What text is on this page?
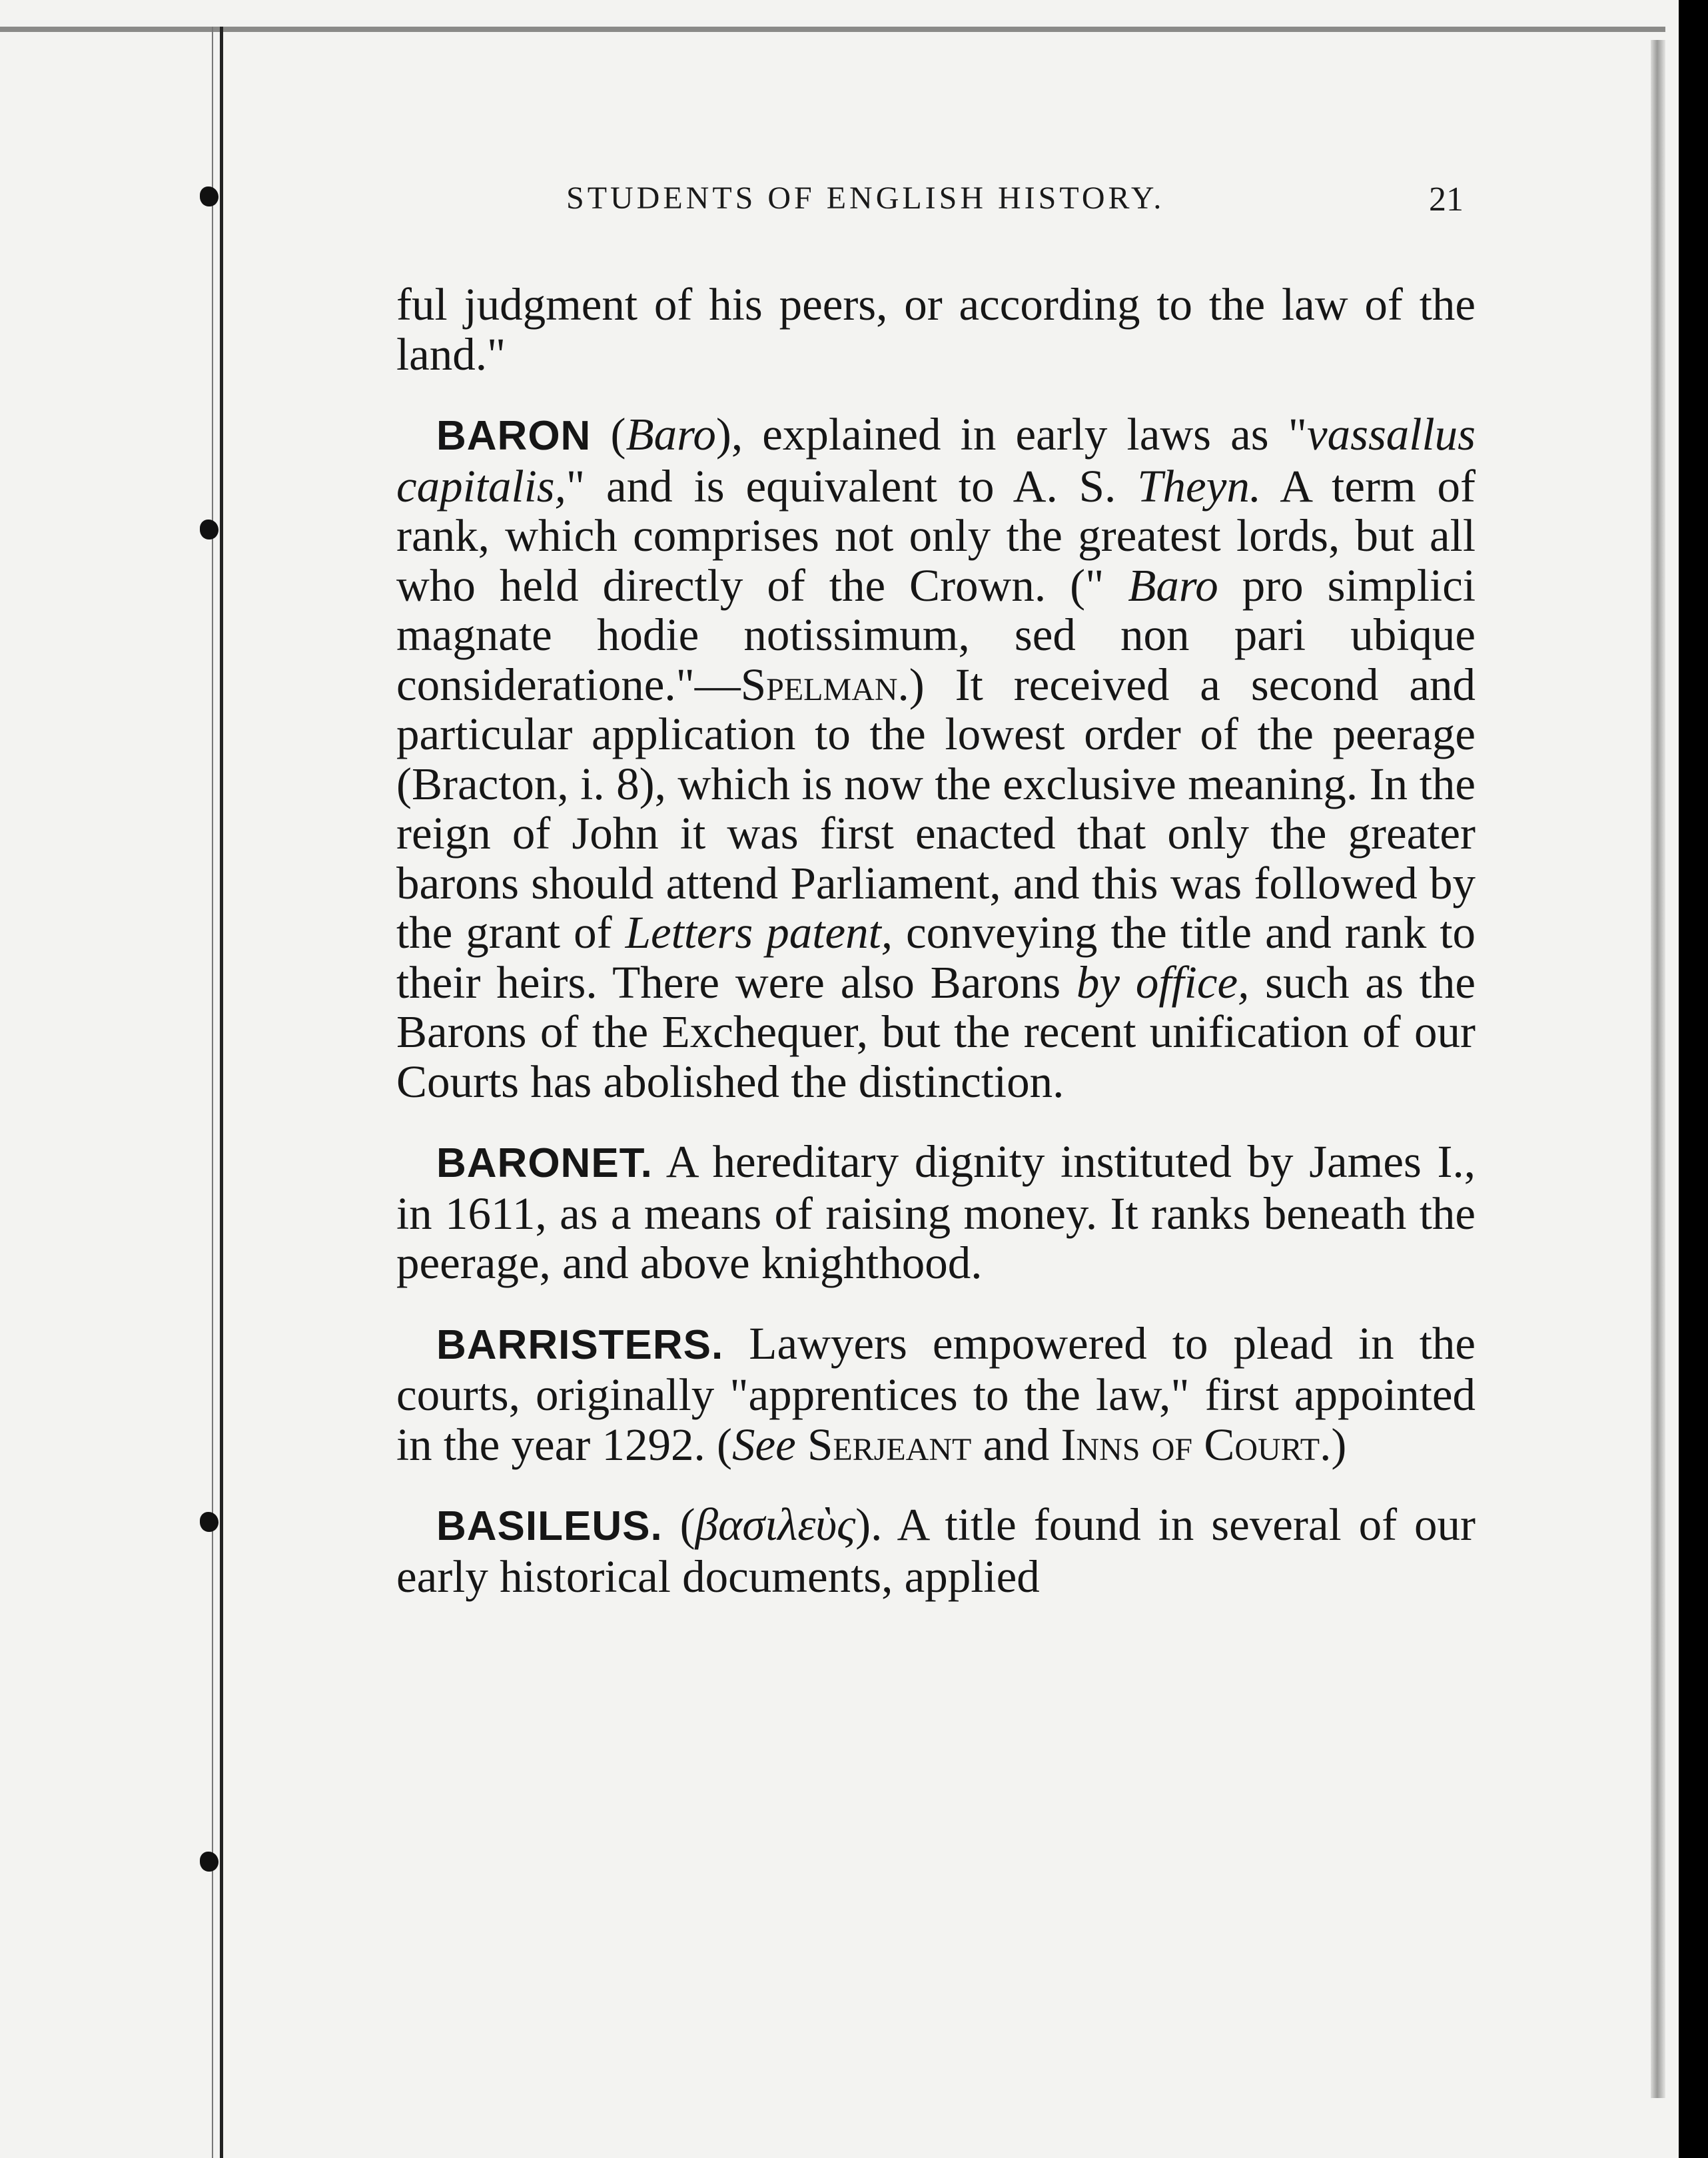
STUDENTS OF ENGLISH HISTORY.	21

ful judgment of his peers, or according to the law of the land."

BARON (Baro), explained in early laws as "vassallus capitalis," and is equivalent to A. S. Theyn. A term of rank, which comprises not only the greatest lords, but all who held directly of the Crown. (" Baro pro simplici magnate hodie notissimum, sed non pari ubique consideratione."—Spelman.) It received a second and particular application to the lowest order of the peerage (Bracton, i. 8), which is now the exclusive meaning. In the reign of John it was first enacted that only the greater barons should attend Parliament, and this was followed by the grant of Letters patent, conveying the title and rank to their heirs. There were also Barons by office, such as the Barons of the Exchequer, but the recent unification of our Courts has abolished the distinction.

BARONET. A hereditary dignity instituted by James I., in 1611, as a means of raising money. It ranks beneath the peerage, and above knighthood.

BARRISTERS. Lawyers empowered to plead in the courts, originally "apprentices to the law," first appointed in the year 1292. (See Serjeant and Inns of Court.)

BASILEUS. (βασιλεὺς). A title found in several of our early historical documents, applied
